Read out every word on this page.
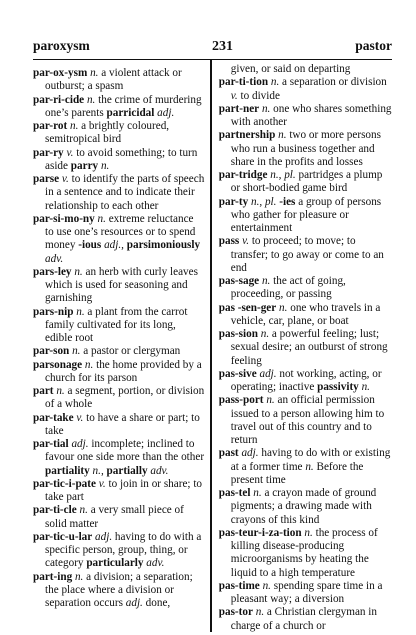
paroxysm	231	pastor

par-ox-ysm n. a violent attack or outburst; a spasm

par-ri-cide n. the crime of murdering one’s parents parricidal adj.

par-rot n. a brightly coloured, semitropical bird

par-ry v. to avoid something; to turn aside parry n.

parse v. to identify the parts of speech in a sentence and to indicate their relationship to each other

par-si-mo-ny n. extreme reluctance to use one’s resources or to spend money -ious adj., parsimoniously adv.

pars-ley n. an herb with curly leaves which is used for seasoning and garnishing

pars-nip n. a plant from the carrot family cultivated for its long, edible root

par-son n. a pastor or clergyman

parsonage n. the home provided by a church for its parson

part n. a segment, portion, or division of a whole

par-take v. to have a share or part; to take

par-tial adj. incomplete; inclined to favour one side more than the other partiality n., partially adv.

par-tic-i-pate v. to join in or share; to take part

par-ti-cle n. a very small piece of solid matter

par-tic-u-lar adj. having to do with a specific person, group, thing, or category particularly adv.

part-ing n. a division; a separation; the place where a division or separation occurs adj. done,

given, or said on departing

par-ti-tion n. a separation or division v. to divide

part-ner n. one who shares something with another

partnership n. two or more persons who run a business together and share in the profits and losses

par-tridge n., pl. partridges a plump or short-bodied game bird

par-ty n., pl. -ies a group of persons who gather for pleasure or entertainment

pass v. to proceed; to move; to transfer; to go away or come to an end

pas-sage n. the act of going, proceeding, or passing

pas -sen-ger n. one who travels in a vehicle, car, plane, or boat

pas-sion n. a powerful feeling; lust; sexual desire; an outburst of strong feeling

pas-sive adj. not working, acting, or operating; inactive passivity n.

pass-port n. an official permission issued to a person allowing him to travel out of this country and to return

past adj. having to do with or existing at a former time n. Before the present time

pas-tel n. a crayon made of ground pigments; a drawing made with crayons of this kind

pas-teur-i-za-tion n. the process of killing disease-producing microorganisms by heating the liquid to a high temperature

pas-time n. spending spare time in a pleasant way; a diversion

pas-tor n. a Christian clergyman in charge of a church or
